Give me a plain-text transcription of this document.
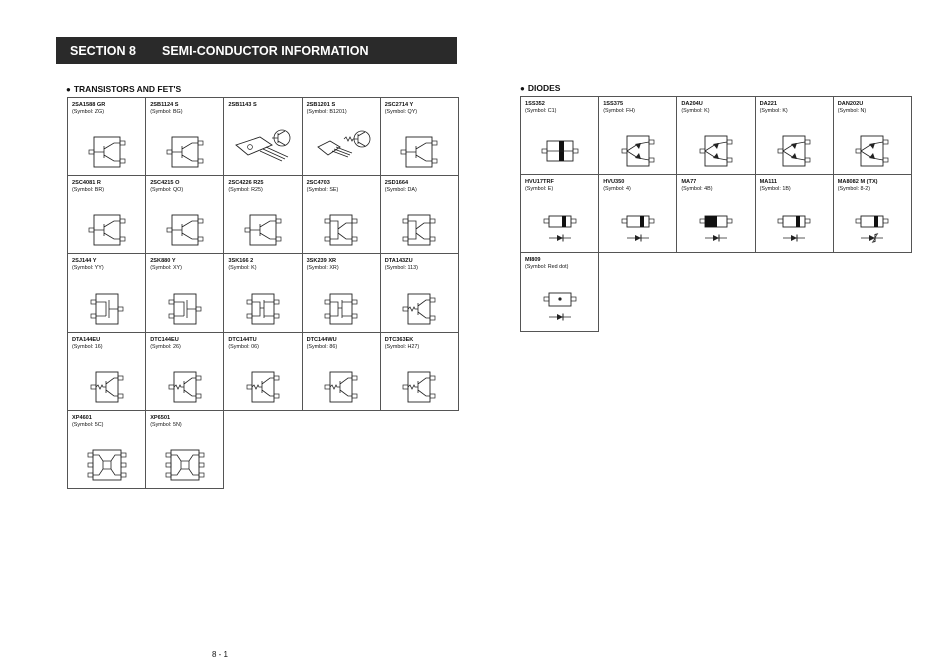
SECTION 8	SEMI-CONDUCTOR INFORMATION
● TRANSISTORS AND FET'S
2SA1588 GR
(Symbol: ZG)
2SB1124 S
(Symbol: BG)
2SB1143 S	2SB1201 S
(Symbol: B1201)
2SC2714 Y
(Symbol: QY)
2SC4081 R
(Symbol: BR)
2SC4215 O
(Symbol: QO)
2SC4226 R25
(Symbol: R25)
2SC4703
(Symbol: SE)
2SD1664
(Symbol: DA)
2SJ144 Y
(Symbol: YY)
2SK880 Y
(Symbol: XY)
3SK166 2
(Symbol: K)
3SK239 XR
(Symbol: XR)
DTA143ZU
(Symbol: 113)
DTA144EU
(Symbol: 16)
DTC144EU
(Symbol: 26)
DTC144TU
(Symbol: 06)
DTC144WU
(Symbol: 86)
DTC363EK
(Symbol: H27)
XP4601
(Symbol: 5C)
XP6501
(Symbol: 5N)
● DIODES
1SS352
(Symbol: C1)
1SS375
(Symbol: FH)
DA204U
(Symbol: K)
DA221
(Symbol: K)
DAN202U
(Symbol: N)
HVU17TRF
(Symbol: E)
HVU350
(Symbol: 4)
MA77
(Symbol: 4B)
MA111
(Symbol: 1B)
MA8082 M (TX)
(Symbol: 8-2)
MI809
(Symbol: Red dot)
8 - 1
